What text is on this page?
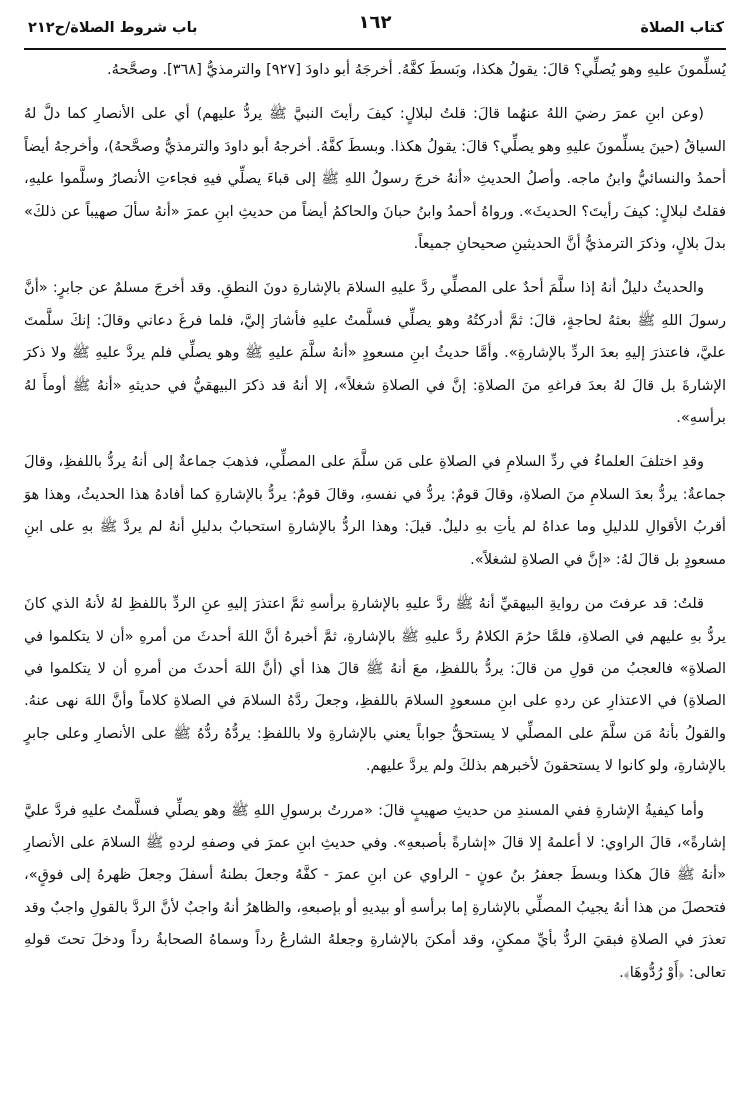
كتاب الصلاة
١٦٢
باب شروط الصلاة/ح٢١٢

يُسلِّمونَ عليهِ وهو يُصلِّي؟ قالَ: يقولُ هكذا، وبَسطَ كفَّهُ. أخرجَهُ أبو داودَ [٩٢٧] والترمذيُّ [٣٦٨]. وصحَّحهُ.

(وعن ابنِ عمرَ رضيَ اللهُ عنهُما قالَ: قلتُ لبلالٍ: كيفَ رأيتَ النبيَّ ﷺ يردُّ عليهم) أي على الأنصارِ كما دلَّ لهُ السياقُ (حينَ يسلِّمونَ عليهِ وهو يصلِّي؟ قالَ: يقولُ هكذا. وبسطَ كفَّهُ. أخرجهُ أبو داودَ والترمذيُّ وصحَّحهُ)، وأخرجهُ أيضاً أحمدُ والنسائيُّ وابنُ ماجه. وأصلُ الحديثِ «أنهُ خرجَ رسولُ اللهِ ﷺ إلى قباءَ يصلِّي فيهِ فجاءتِ الأنصارُ وسلَّموا عليهِ، فقلتُ لبلالٍ: كيفَ رأيتَ؟ الحديثَ». ورواهُ أحمدُ وابنُ حبانَ والحاكمُ أيضاً من حديثِ ابنِ عمرَ «أنهُ سألَ صهيباً عن ذلكَ» بدلَ بلالٍ، وذكرَ الترمذيُّ أنَّ الحديثينِ صحيحانِ جميعاً.

والحديثُ دليلٌ أنهُ إذا سلَّمَ أحدٌ على المصلِّي ردَّ عليهِ السلامَ بالإشارةِ دونَ النطقِ. وقد أخرجَ مسلمٌ عن جابرٍ: «أنَّ رسولَ اللهِ ﷺ بعثهُ لحاجةٍ، قالَ: ثمَّ أدركتُهُ وهو يصلِّي فسلَّمتُ عليهِ فأشارَ إليَّ، فلما فرغَ دعاني وقالَ: إنكَ سلَّمتَ عليَّ، فاعتذرَ إليهِ بعدَ الردِّ بالإشارةِ». وأمَّا حديثُ ابنِ مسعودٍ «أنهُ سلَّمَ عليهِ ﷺ وهو يصلِّي فلم يردَّ عليهِ ﷺ ولا ذكرَ الإشارةَ بل قالَ لهُ بعدَ فراغهِ منَ الصلاةِ: إنَّ في الصلاةِ شغلاً»، إلا أنهُ قد ذكرَ البيهقيُّ في حديثهِ «أنهُ ﷺ أومأَ لهُ برأسهِ».

وقدِ اختلفَ العلماءُ في ردِّ السلامِ في الصلاةِ على مَن سلَّمَ على المصلِّي، فذهبَ جماعةٌ إلى أنهُ يردُّ باللفظِ، وقالَ جماعةٌ: يردُّ بعدَ السلامِ منَ الصلاةِ، وقالَ قومٌ: يردُّ في نفسهِ، وقالَ قومٌ: يردُّ بالإشارةِ كما أفادهُ هذا الحديثُ، وهذا هوَ أقربُ الأقوالِ للدليلِ وما عداهُ لم يأتِ بهِ دليلٌ. قيلَ: وهذا الردُّ بالإشارةِ استحبابٌ بدليلِ أنهُ لم يردَّ ﷺ بهِ على ابنِ مسعودٍ بل قالَ لهُ: «إنَّ في الصلاةِ لشغلاً».

قلتُ: قد عرفتَ من روايةِ البيهقيِّ أنهُ ﷺ ردَّ عليهِ بالإشارةِ برأسهِ ثمَّ اعتذرَ إليهِ عنِ الردِّ باللفظِ لهُ لأنهُ الذي كانَ يردُّ بهِ عليهم في الصلاةِ، فلمَّا حرُمَ الكلامُ ردَّ عليهِ ﷺ بالإشارةِ، ثمَّ أخبرهُ أنَّ اللهَ أحدثَ من أمرهِ «أن لا يتكلموا في الصلاةِ» فالعجبُ من قولِ من قالَ: يردُّ باللفظِ، معَ أنهُ ﷺ قالَ هذا أي (أنَّ اللهَ أحدثَ من أمرهِ أن لا يتكلموا في الصلاةِ) في الاعتذارِ عن ردهِ على ابنِ مسعودٍ السلامَ باللفظِ، وجعلَ ردَّهُ السلامَ في الصلاةِ كلاماً وأنَّ اللهَ نهى عنهُ. والقولُ بأنهُ مَن سلَّمَ على المصلِّي لا يستحقُّ جواباً يعني بالإشارةِ ولا باللفظِ: يردُّهُ ردُّهُ ﷺ على الأنصارِ وعلى جابرٍ بالإشارةِ، ولو كانوا لا يستحقونَ لأخبرهم بذلكَ ولم يردَّ عليهم.

وأما كيفيةُ الإشارةِ ففي المسندِ من حديثِ صهيبٍ قالَ: «مررتُ برسولِ اللهِ ﷺ وهو يصلِّي فسلَّمتُ عليهِ فردَّ عليَّ إشارةً»، قالَ الراوي: لا أعلمهُ إلا قالَ «إشارةً بأصبعهِ». وفي حديثِ ابنِ عمرَ في وصفهِ لردهِ ﷺ السلامَ على الأنصارِ «أنهُ ﷺ قالَ هكذا وبسطَ جعفرُ بنُ عونٍ - الراوي عن ابنِ عمرَ - كفَّهُ وجعلَ بطنهُ أسفلَ وجعلَ ظهرهُ إلى فوقٍ»، فتحصلَ من هذا أنهُ يجيبُ المصلِّي بالإشارةِ إما برأسهِ أو بيديهِ أو بإصبعهِ، والظاهرُ أنهُ واجبٌ لأنَّ الردَّ بالقولِ واجبٌ وقد تعذرَ في الصلاةِ فبقيَ الردُّ بأيِّ ممكنٍ، وقد أمكنَ بالإشارةِ وجعلهُ الشارعُ رداً وسماهُ الصحابةُ رداً ودخلَ تحتَ قولهِ تعالى: ﴿أَوْ رُدُّوهَا﴾.
